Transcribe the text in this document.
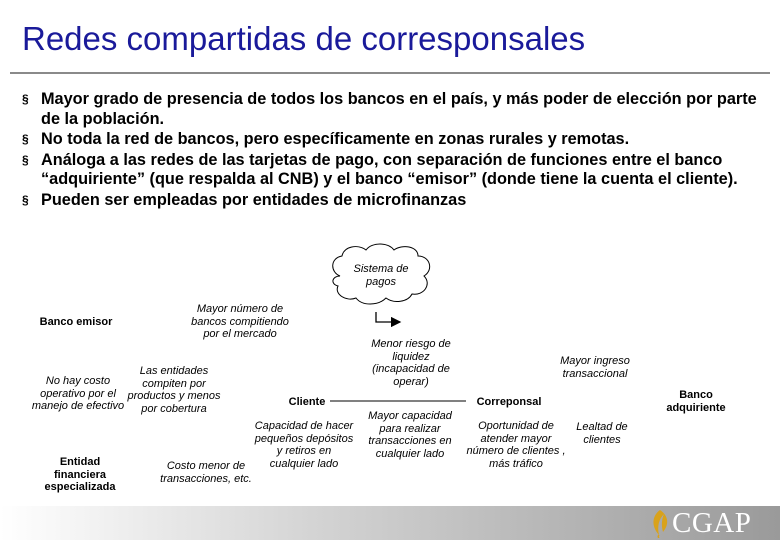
Redes compartidas de corresponsales
§ Mayor grado de presencia de todos los bancos en el país, y más poder de elección por parte de la población.
§ No toda la red de bancos, pero específicamente en zonas rurales y remotas.
§ Análoga a las redes de las tarjetas de pago, con separación de funciones entre el banco “adquiriente” (que respalda al CNB) y el banco “emisor” (donde tiene la cuenta el cliente).
§ Pueden ser empleadas por entidades de microfinanzas
Sistema de pagos
Banco emisor
No hay costo operativo por el manejo de efectivo
Entidad financiera especializada
Mayor número de bancos compitiendo por el mercado
Las entidades compiten por productos y menos por cobertura
Costo menor de transacciones, etc.
Cliente
Capacidad de hacer pequeños depósitos y retiros en cualquier lado
Menor riesgo de liquidez (incapacidad de operar)
Mayor capacidad para realizar transacciones en cualquier lado
Correponsal
Oportunidad de atender mayor número de clientes , más tráfico
Mayor ingreso transaccional
Lealtad de clientes
Banco adquiriente
CGAP
